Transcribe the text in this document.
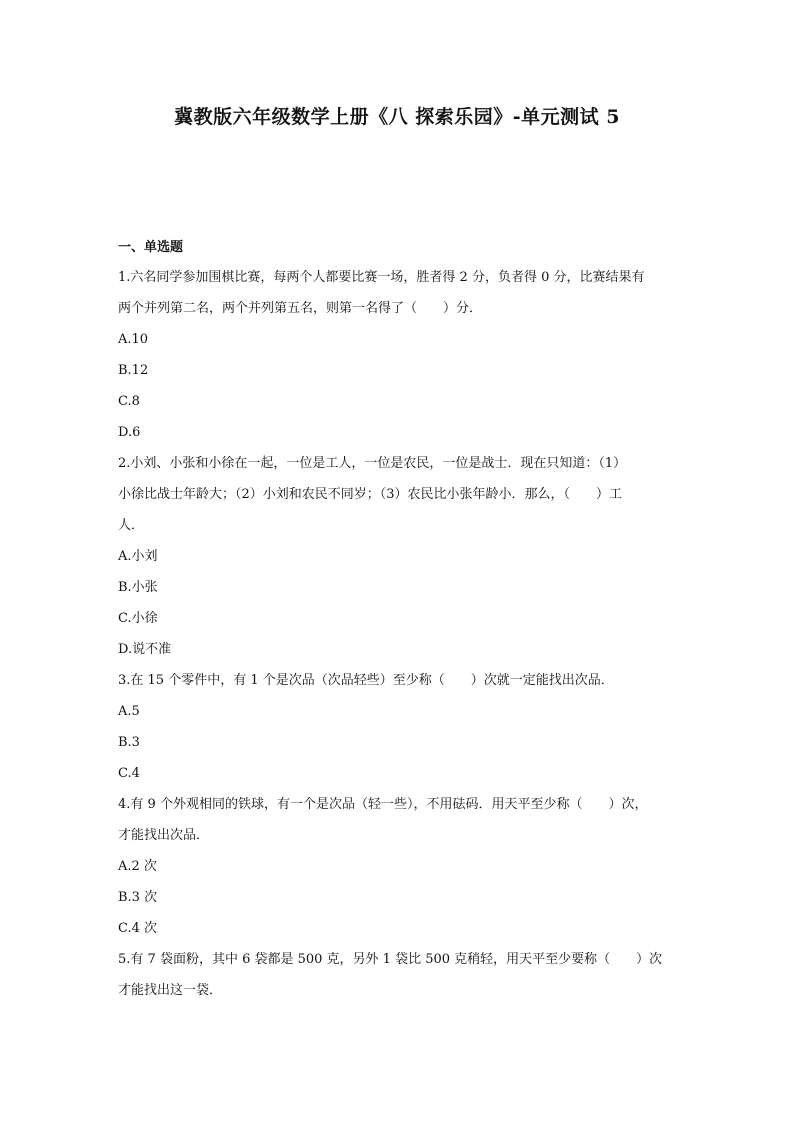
冀教版六年级数学上册《八 探索乐园》-单元测试 5
一、单选题
1.六名同学参加围棋比赛，每两个人都要比赛一场，胜者得 2 分，负者得 0 分，比赛结果有
两个并列第二名，两个并列第五名，则第一名得了（　　）分．
A.10
B.12
C.8
D.6
2.小刘、小张和小徐在一起，一位是工人，一位是农民，一位是战士．现在只知道：（1）
小徐比战士年龄大；（2）小刘和农民不同岁；（3）农民比小张年龄小．那么，（　　）工
人．
A.小刘
B.小张
C.小徐
D.说不准
3.在 15 个零件中，有 1 个是次品（次品轻些）至少称（　　）次就一定能找出次品．
A.5
B.3
C.4
4.有 9 个外观相同的铁球，有一个是次品（轻一些），不用砝码．用天平至少称（　　）次，
才能找出次品．
A.2 次
B.3 次
C.4 次
5.有 7 袋面粉，其中 6 袋都是 500 克，另外 1 袋比 500 克稍轻，用天平至少要称（　　）次
才能找出这一袋．
